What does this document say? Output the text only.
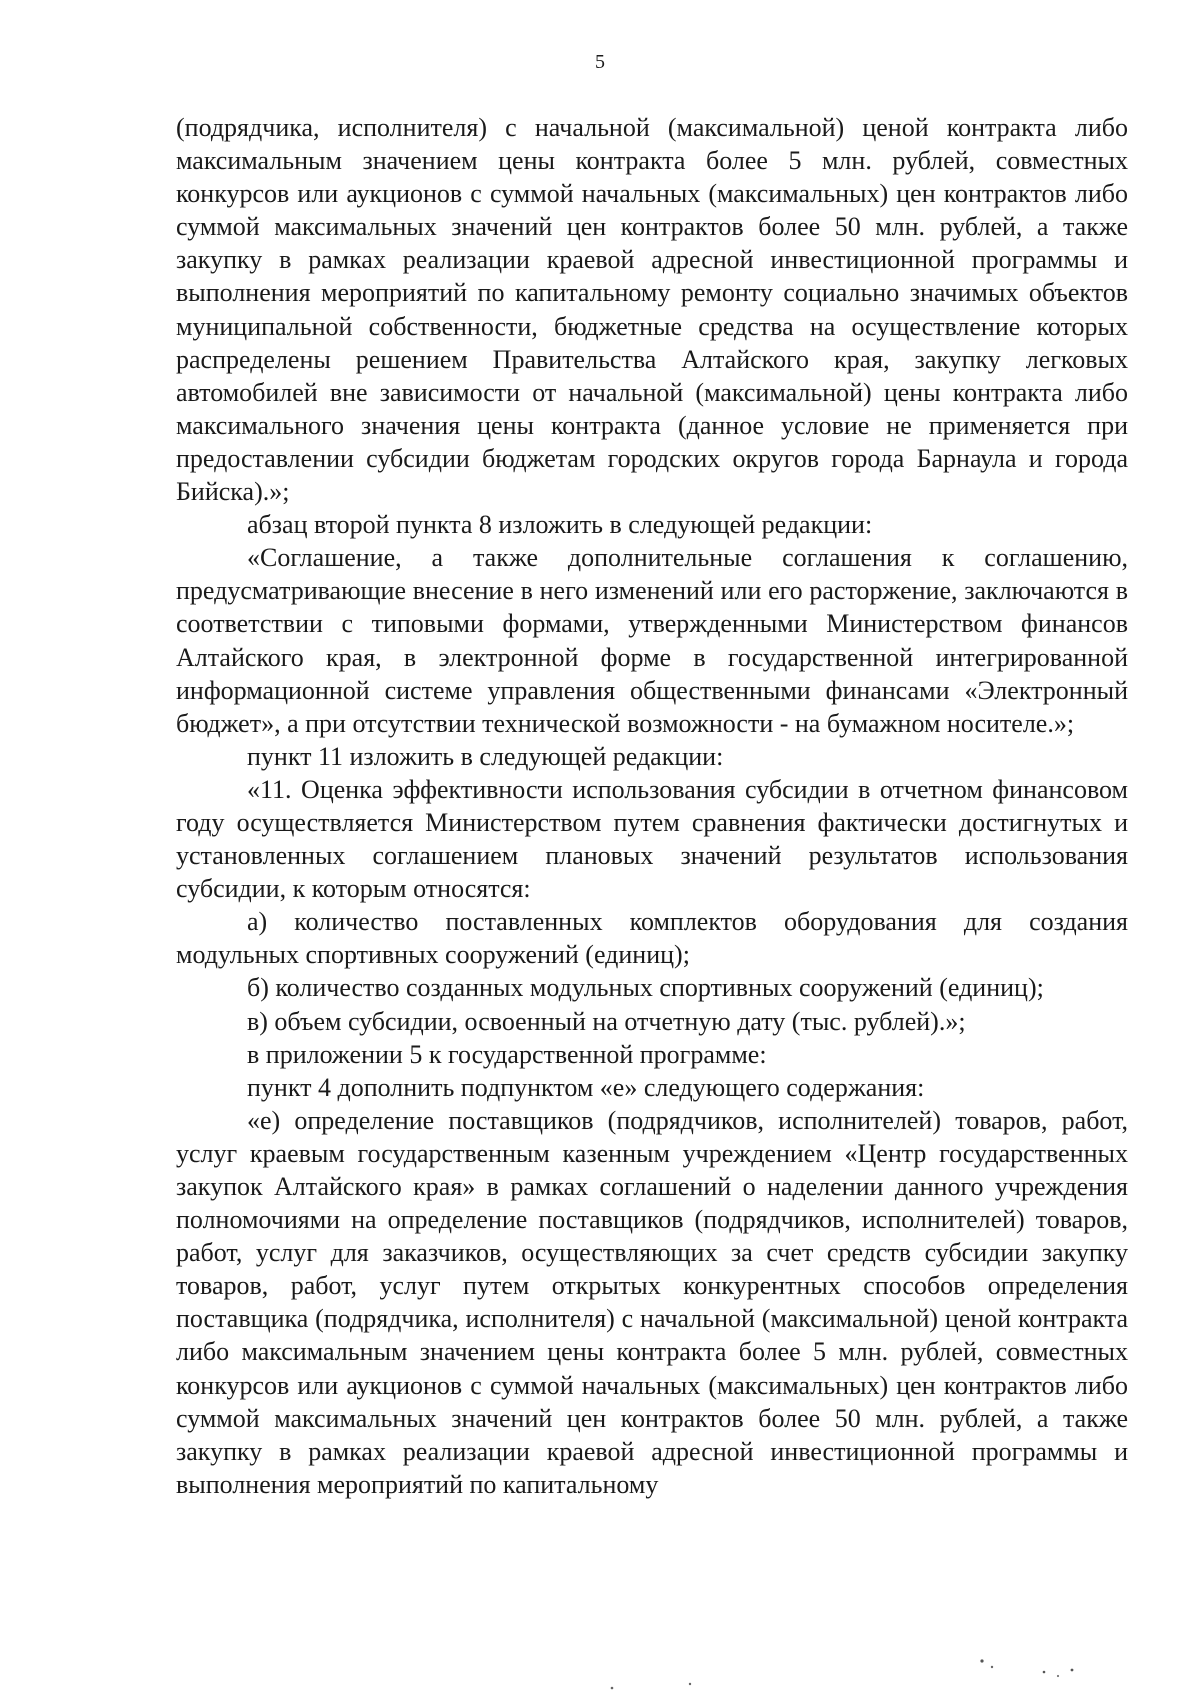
5

(подрядчика, исполнителя) с начальной (максимальной) ценой контракта либо максимальным значением цены контракта более 5 млн. рублей, совместных конкурсов или аукционов с суммой начальных (максимальных) цен контрактов либо суммой максимальных значений цен контрактов более 50 млн. рублей, а также закупку в рамках реализации краевой адресной инвестиционной программы и выполнения мероприятий по капитальному ремонту социально значимых объектов муниципальной собственности, бюджетные средства на осуществление которых распределены решением Правительства Алтайского края, закупку легковых автомобилей вне зависимости от начальной (максимальной) цены контракта либо максимального значения цены контракта (данное условие не применяется при предоставлении субсидии бюджетам городских округов города Барнаула и города Бийска).»;

абзац второй пункта 8 изложить в следующей редакции:

«Соглашение, а также дополнительные соглашения к соглашению, предусматривающие внесение в него изменений или его расторжение, заключаются в соответствии с типовыми формами, утвержденными Министерством финансов Алтайского края, в электронной форме в государственной интегрированной информационной системе управления общественными финансами «Электронный бюджет», а при отсутствии технической возможности - на бумажном носителе.»;

пункт 11 изложить в следующей редакции:

«11. Оценка эффективности использования субсидии в отчетном финансовом году осуществляется Министерством путем сравнения фактически достигнутых и установленных соглашением плановых значений результатов использования субсидии, к которым относятся:

а) количество поставленных комплектов оборудования для создания модульных спортивных сооружений (единиц);

б) количество созданных модульных спортивных сооружений (единиц);

в) объем субсидии, освоенный на отчетную дату (тыс. рублей).»;

в приложении 5 к государственной программе:

пункт 4 дополнить подпунктом «е» следующего содержания:

«е) определение поставщиков (подрядчиков, исполнителей) товаров, работ, услуг краевым государственным казенным учреждением «Центр государственных закупок Алтайского края» в рамках соглашений о наделении данного учреждения полномочиями на определение поставщиков (подрядчиков, исполнителей) товаров, работ, услуг для заказчиков, осуществляющих за счет средств субсидии закупку товаров, работ, услуг путем открытых конкурентных способов определения поставщика (подрядчика, исполнителя) с начальной (максимальной) ценой контракта либо максимальным значением цены контракта более 5 млн. рублей, совместных конкурсов или аукционов с суммой начальных (максимальных) цен контрактов либо суммой максимальных значений цен контрактов более 50 млн. рублей, а также закупку в рамках реализации краевой адресной инвестиционной программы и выполнения мероприятий по капитальному
